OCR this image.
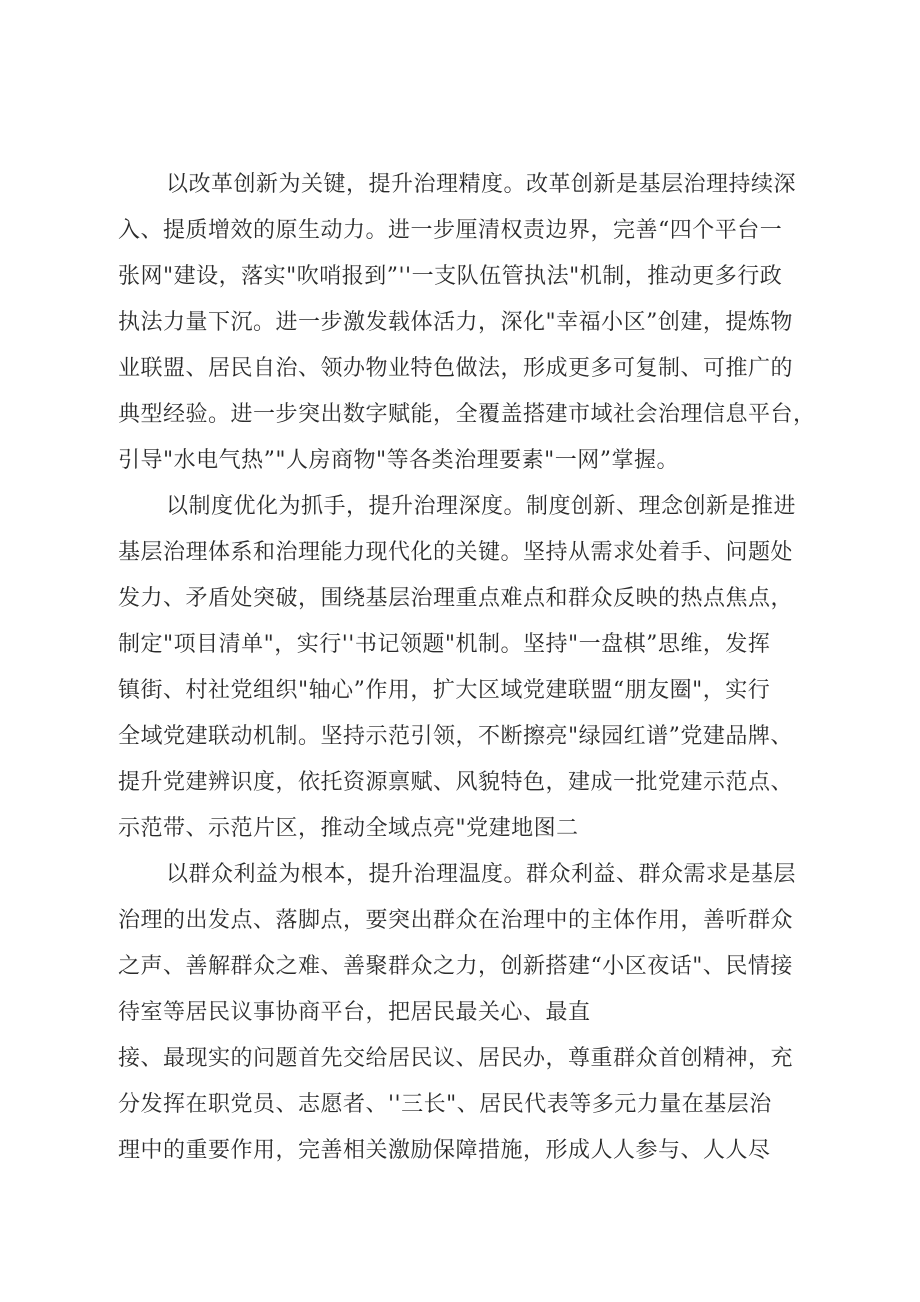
以改革创新为关键，提升治理精度。改革创新是基层治理持续深
入、提质增效的原生动力。进一步厘清权责边界，完善“四个平台一
张网"建设，落实"吹哨报到”''一支队伍管执法"机制，推动更多行政
执法力量下沉。进一步激发载体活力，深化"幸福小区”创建，提炼物
业联盟、居民自治、领办物业特色做法，形成更多可复制、可推广的
典型经验。进一步突出数字赋能，全覆盖搭建市域社会治理信息平台，
引导"水电气热”"人房商物"等各类治理要素"一网”掌握。
以制度优化为抓手，提升治理深度。制度创新、理念创新是推进
基层治理体系和治理能力现代化的关键。坚持从需求处着手、问题处
发力、矛盾处突破，围绕基层治理重点难点和群众反映的热点焦点，
制定"项目清单"，实行''书记领题"机制。坚持"一盘棋”思维，发挥
镇街、村社党组织"轴心”作用，扩大区域党建联盟“朋友圈"，实行
全域党建联动机制。坚持示范引领，不断擦亮"绿园红谱”党建品牌、
提升党建辨识度，依托资源禀赋、风貌特色，建成一批党建示范点、
示范带、示范片区，推动全域点亮"党建地图二
以群众利益为根本，提升治理温度。群众利益、群众需求是基层
治理的出发点、落脚点，要突出群众在治理中的主体作用，善听群众
之声、善解群众之难、善聚群众之力，创新搭建“小区夜话"、民情接
待室等居民议事协商平台，把居民最关心、最直
接、最现实的问题首先交给居民议、居民办，尊重群众首创精神，充
分发挥在职党员、志愿者、''三长"、居民代表等多元力量在基层治
理中的重要作用，完善相关激励保障措施，形成人人参与、人人尽
